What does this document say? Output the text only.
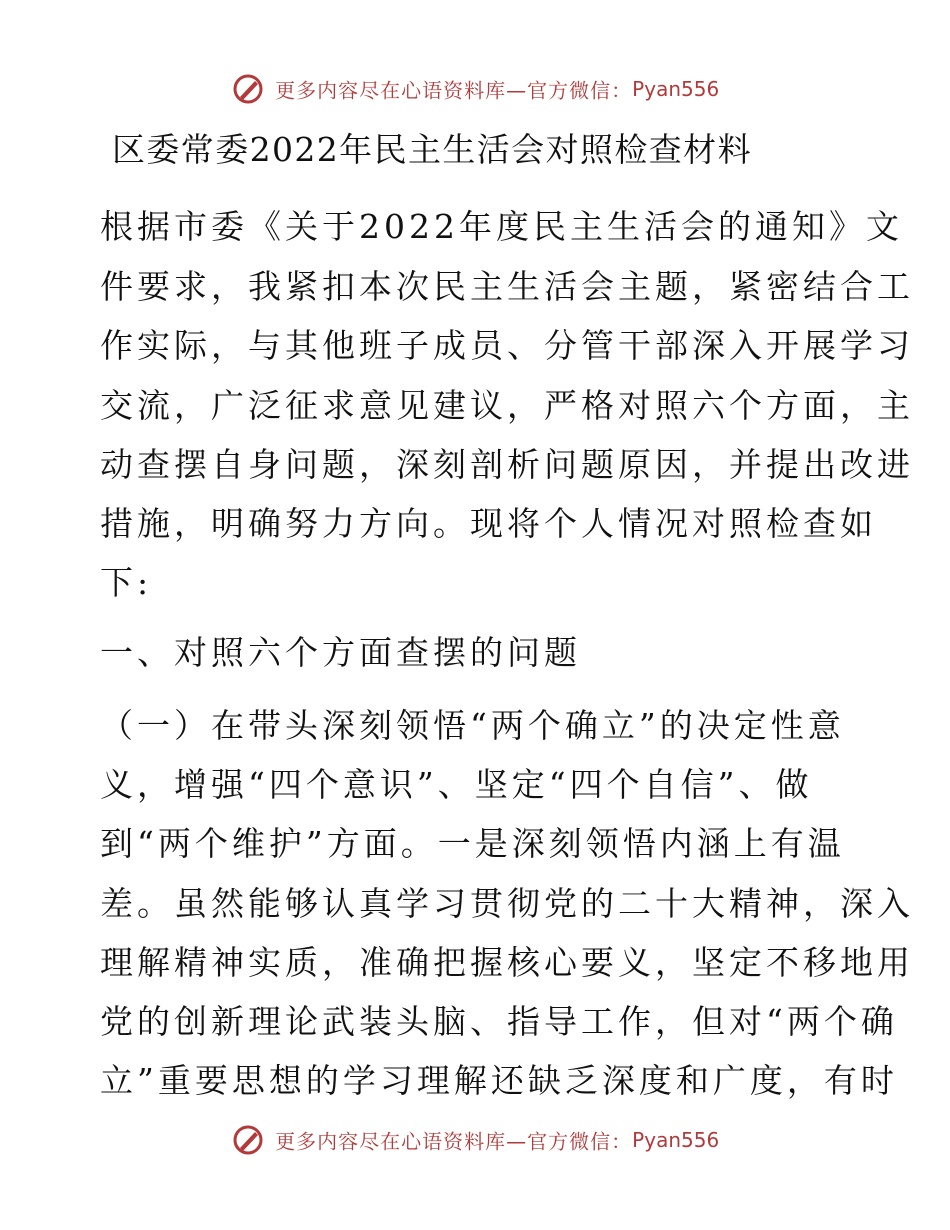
更多内容尽在心语资料库—官方微信：Pyan556
区委常委2022年民主生活会对照检查材料
根据市委《关于2022年度民主生活会的通知》文
件要求，我紧扣本次民主生活会主题，紧密结合工
作实际，与其他班子成员、分管干部深入开展学习
交流，广泛征求意见建议，严格对照六个方面，主
动查摆自身问题，深刻剖析问题原因，并提出改进
措施，明确努力方向。现将个人情况对照检查如
下:
一、对照六个方面查摆的问题
（一）在带头深刻领悟“两个确立”的决定性意
义，增强“四个意识”、坚定“四个自信”、做
到“两个维护”方面。一是深刻领悟内涵上有温
差。虽然能够认真学习贯彻党的二十大精神，深入
理解精神实质，准确把握核心要义，坚定不移地用
党的创新理论武装头脑、指导工作，但对“两个确
立”重要思想的学习理解还缺乏深度和广度，有时
更多内容尽在心语资料库—官方微信：Pyan556
